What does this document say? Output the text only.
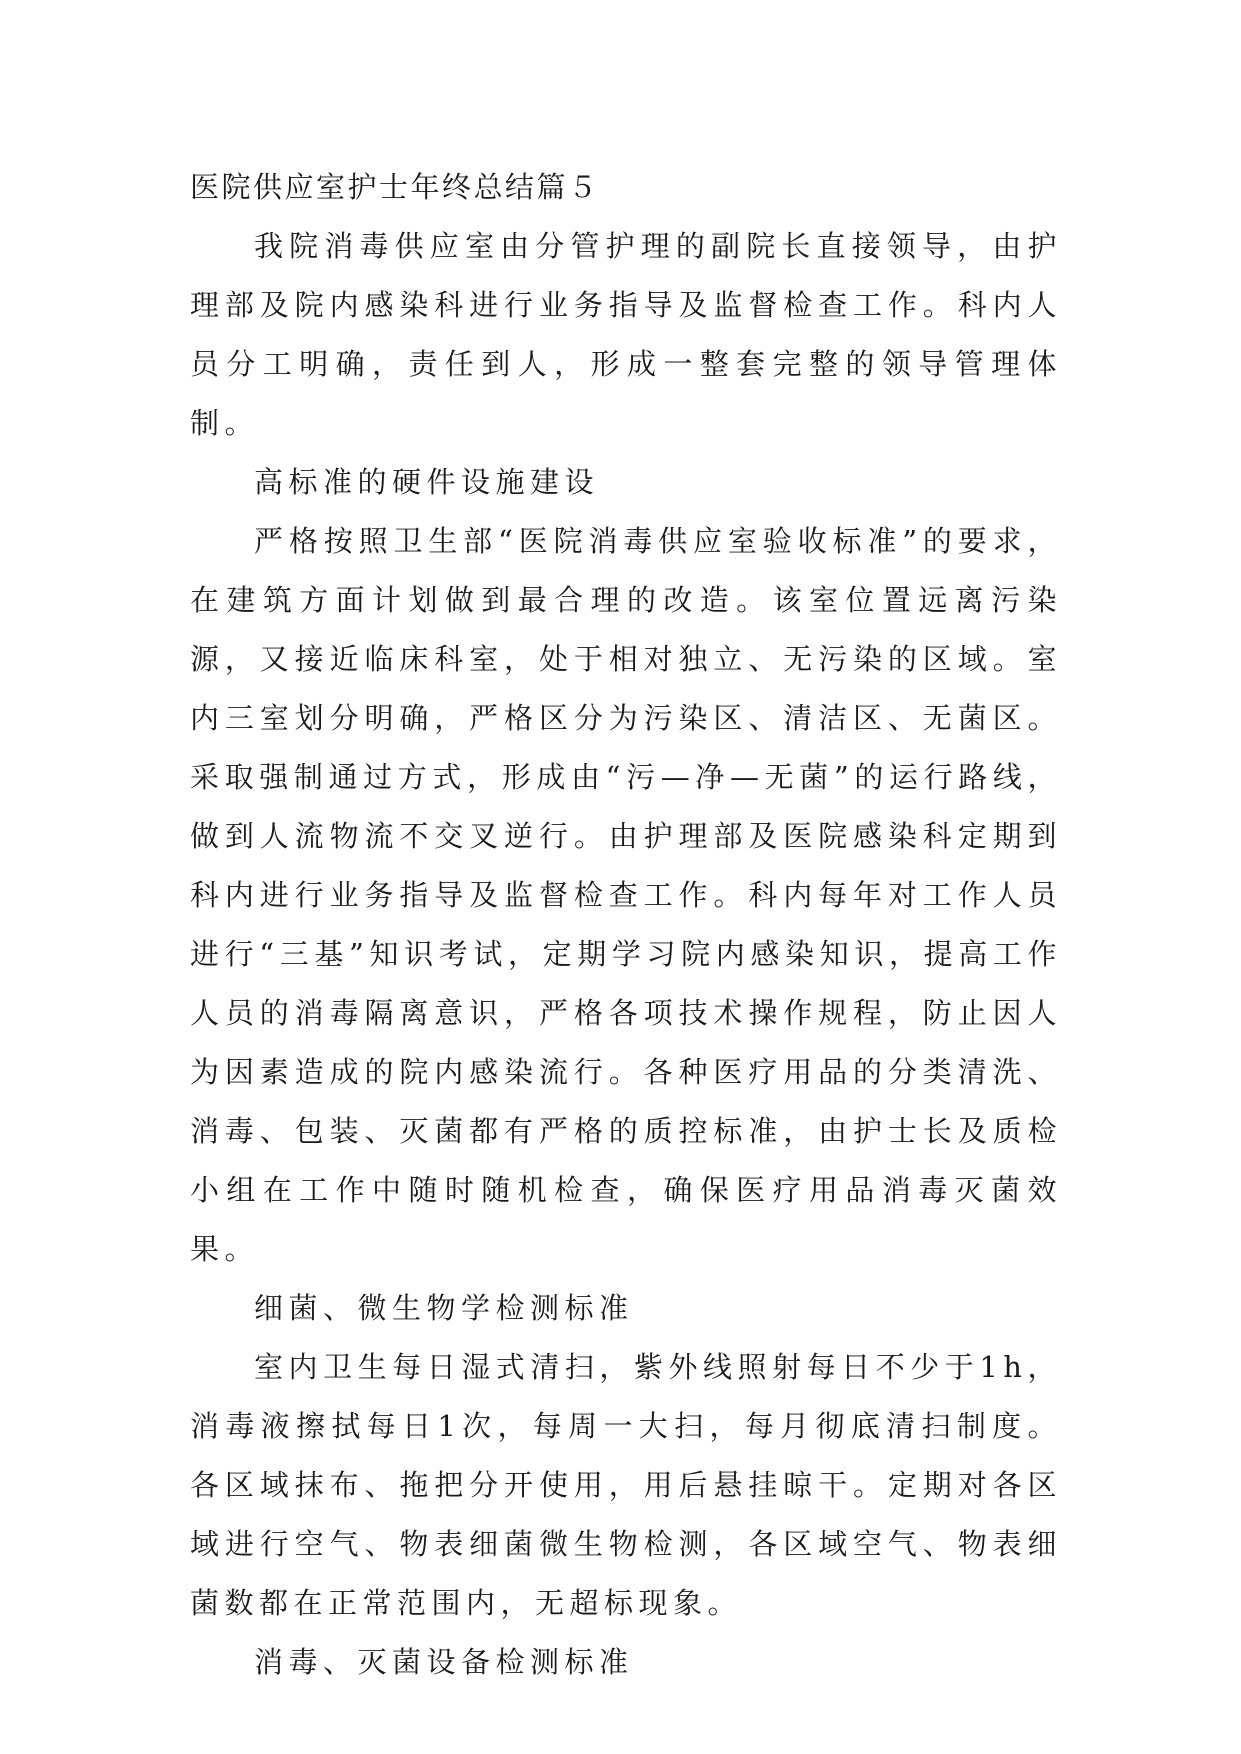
医院供应室护士年终总结篇５

我院消毒供应室由分管护理的副院长直接领导，由护理部及院内感染科进行业务指导及监督检查工作。科内人员分工明确，责任到人，形成一整套完整的领导管理体制。

高标准的硬件设施建设

严格按照卫生部“医院消毒供应室验收标准”的要求，在建筑方面计划做到最合理的改造。该室位置远离污染源，又接近临床科室，处于相对独立、无污染的区域。室内三室划分明确，严格区分为污染区、清洁区、无菌区。采取强制通过方式，形成由“污—净—无菌”的运行路线，做到人流物流不交叉逆行。由护理部及医院感染科定期到科内进行业务指导及监督检查工作。科内每年对工作人员进行“三基”知识考试，定期学习院内感染知识，提高工作人员的消毒隔离意识，严格各项技术操作规程，防止因人为因素造成的院内感染流行。各种医疗用品的分类清洗、消毒、包装、灭菌都有严格的质控标准，由护士长及质检小组在工作中随时随机检查，确保医疗用品消毒灭菌效果。

细菌、微生物学检测标准

室内卫生每日湿式清扫，紫外线照射每日不少于1h，消毒液擦拭每日1次，每周一大扫，每月彻底清扫制度。各区域抹布、拖把分开使用，用后悬挂晾干。定期对各区域进行空气、物表细菌微生物检测，各区域空气、物表细菌数都在正常范围内，无超标现象。

消毒、灭菌设备检测标准
